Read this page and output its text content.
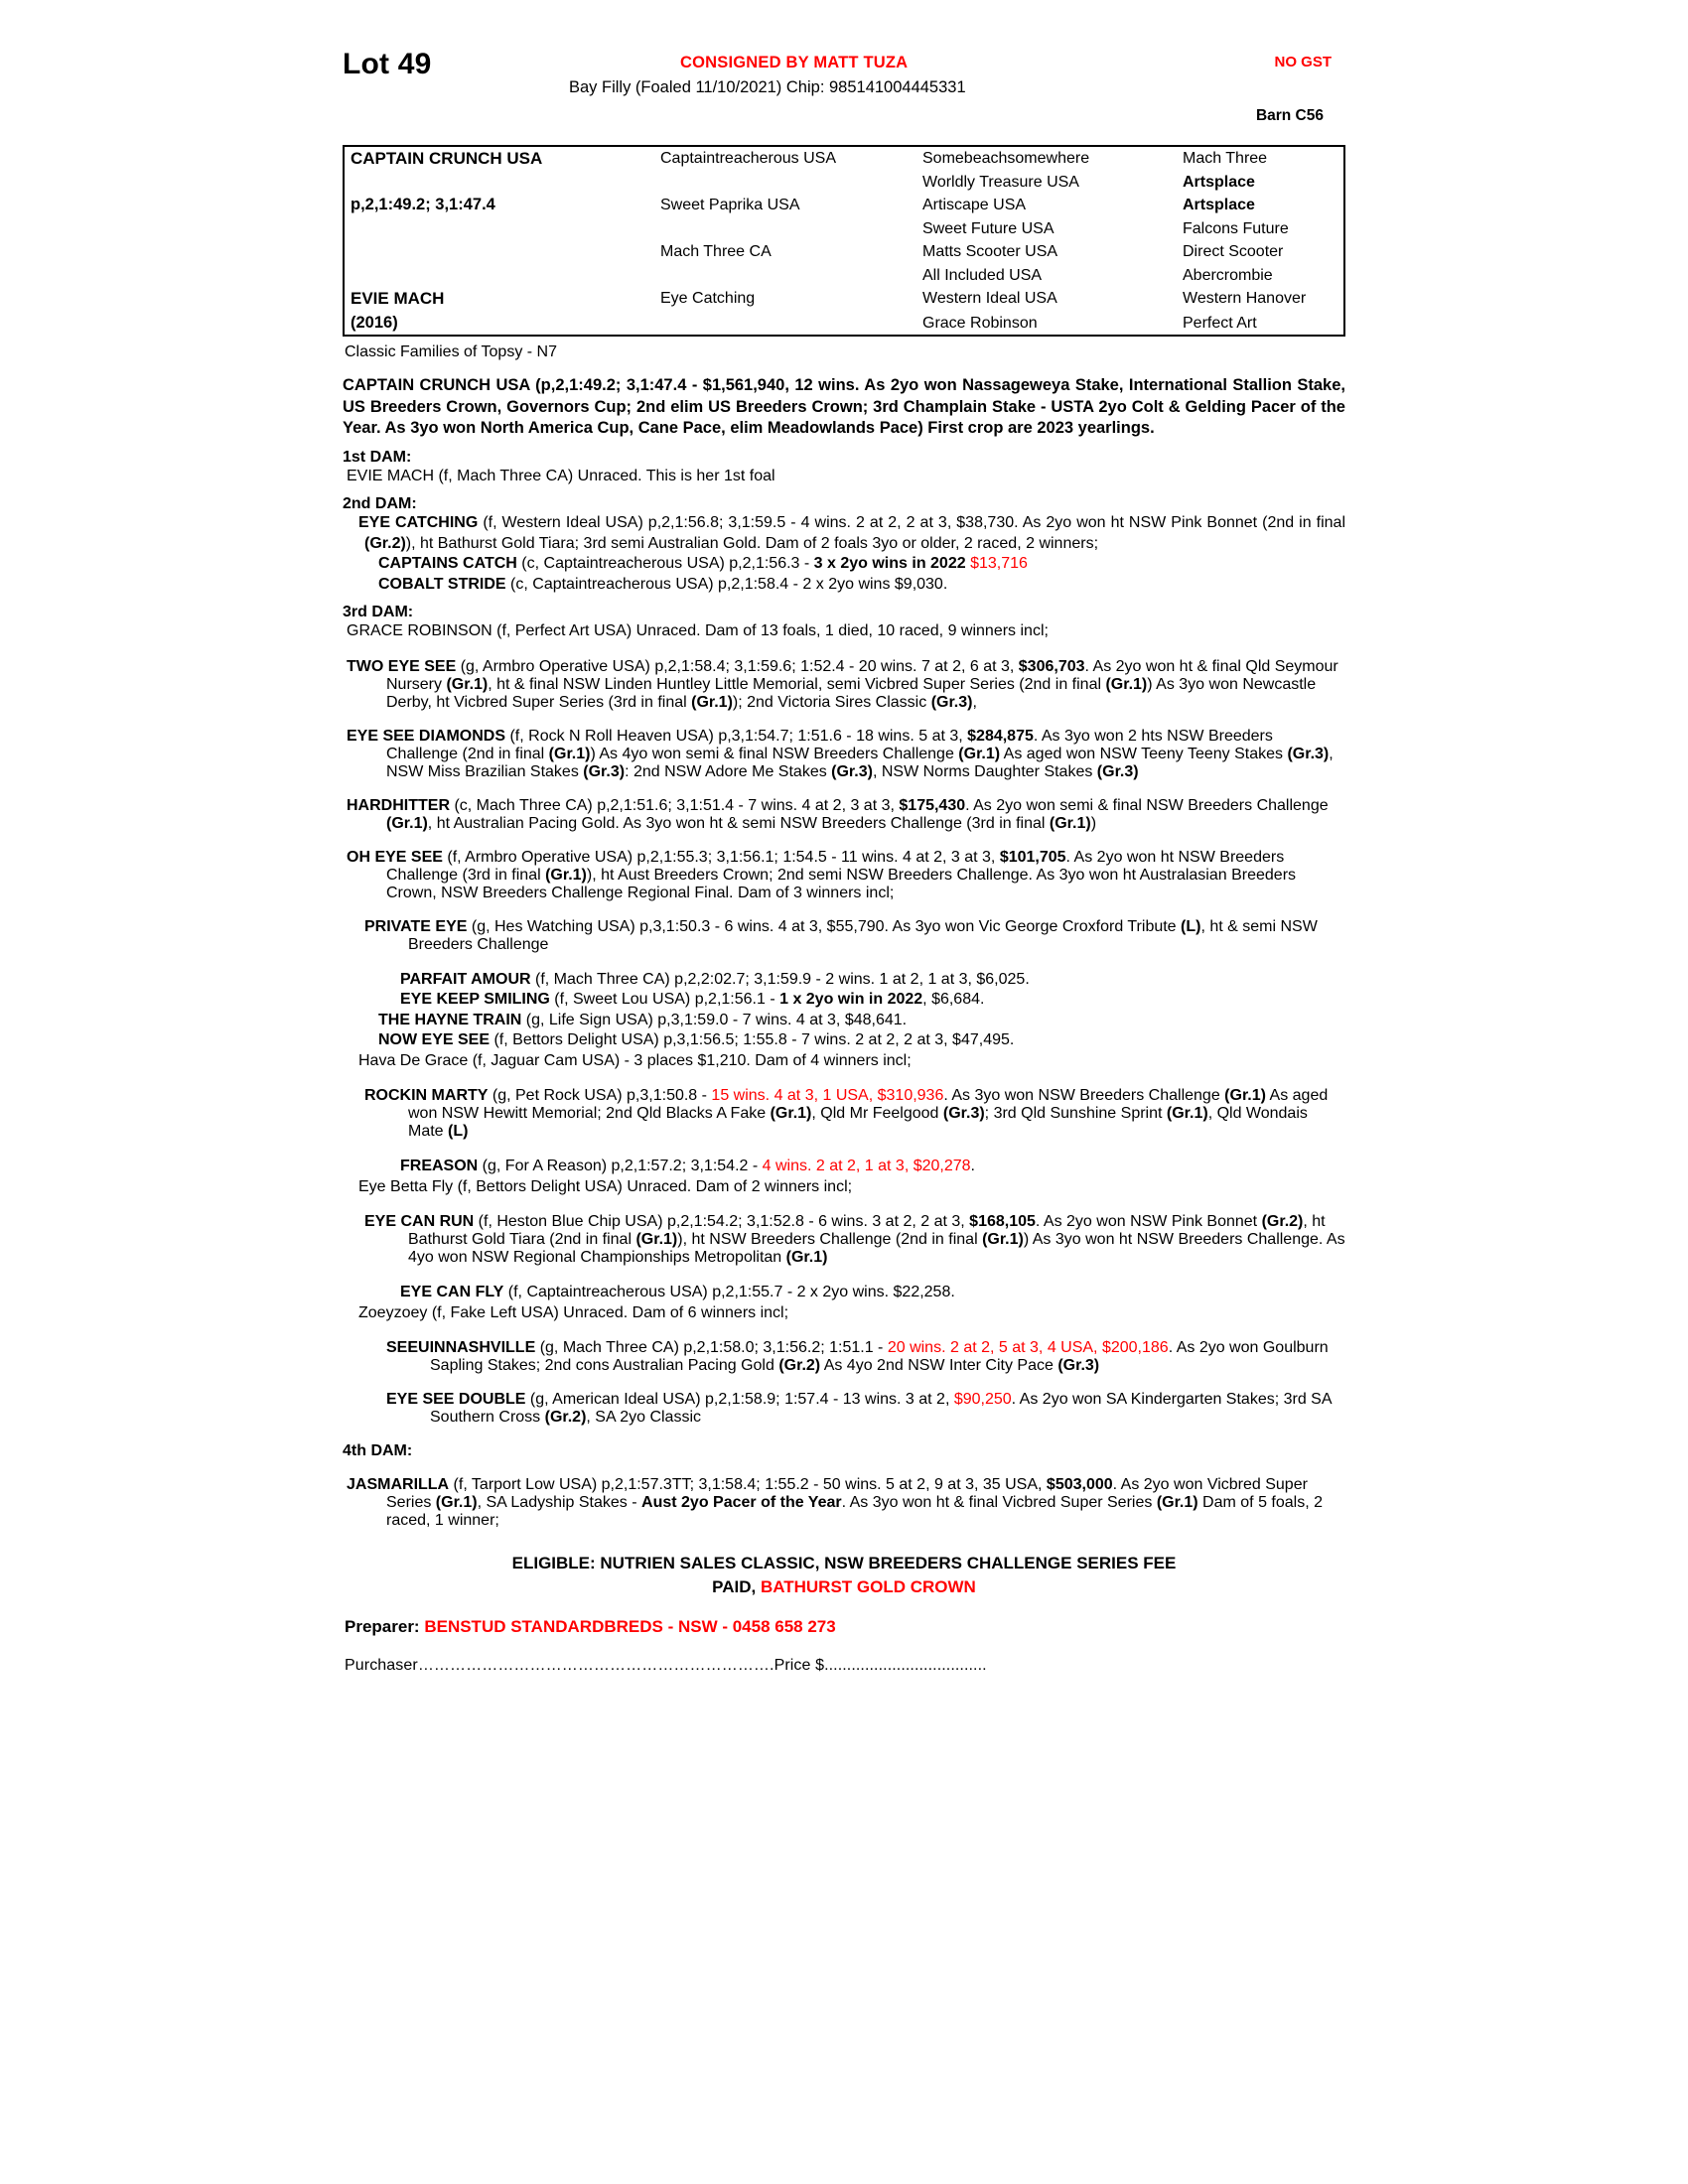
Lot 49	CONSIGNED BY MATT TUZA	NO GST
Bay Filly (Foaled 11/10/2021) Chip: 985141004445331
Barn C56
CAPTAIN CRUNCH USA	Captaintreacherous USA	Somebeachsomewhere	Mach Three
		Worldly Treasure USA	Artsplace
p,2,1:49.2; 3,1:47.4	Sweet Paprika USA	Artiscape USA	Artsplace
		Sweet Future USA	Falcons Future
	Mach Three CA	Matts Scooter USA	Direct Scooter
		All Included USA	Abercrombie
EVIE MACH	Eye Catching	Western Ideal USA	Western Hanover
(2016)		Grace Robinson	Perfect Art
Classic Families of Topsy - N7
CAPTAIN CRUNCH USA (p,2,1:49.2; 3,1:47.4 - $1,561,940, 12 wins. As 2yo won Nassageweya Stake, International Stallion Stake, US Breeders Crown, Governors Cup; 2nd elim US Breeders Crown; 3rd Champlain Stake - USTA 2yo Colt & Gelding Pacer of the Year. As 3yo won North America Cup, Cane Pace, elim Meadowlands Pace) First crop are 2023 yearlings.
1st DAM:

EVIE MACH (f, Mach Three CA) Unraced. This is her 1st foal

2nd DAM:

EYE CATCHING (f, Western Ideal USA) p,2,1:56.8; 3,1:59.5 - 4 wins. 2 at 2, 2 at 3, $38,730. As 2yo won ht NSW Pink Bonnet (2nd in final (Gr.2)), ht Bathurst Gold Tiara; 3rd semi Australian Gold. Dam of 2 foals 3yo or older, 2 raced, 2 winners;

CAPTAINS CATCH (c, Captaintreacherous USA) p,2,1:56.3 - 3 x 2yo wins in 2022 $13,716

COBALT STRIDE (c, Captaintreacherous USA) p,2,1:58.4 - 2 x 2yo wins $9,030.

3rd DAM:

GRACE ROBINSON (f, Perfect Art USA) Unraced. Dam of 13 foals, 1 died, 10 raced, 9 winners incl;

TWO EYE SEE (g, Armbro Operative USA) p,2,1:58.4; 3,1:59.6; 1:52.4 - 20 wins. 7 at 2, 6 at 3, $306,703. As 2yo won ht & final Qld Seymour Nursery (Gr.1), ht & final NSW Linden Huntley Little Memorial, semi Vicbred Super Series (2nd in final (Gr.1)) As 3yo won Newcastle Derby, ht Vicbred Super Series (3rd in final (Gr.1)); 2nd Victoria Sires Classic (Gr.3),

EYE SEE DIAMONDS (f, Rock N Roll Heaven USA) p,3,1:54.7; 1:51.6 - 18 wins. 5 at 3, $284,875. As 3yo won 2 hts NSW Breeders Challenge (2nd in final (Gr.1)) As 4yo won semi & final NSW Breeders Challenge (Gr.1) As aged won NSW Teeny Teeny Stakes (Gr.3), NSW Miss Brazilian Stakes (Gr.3): 2nd NSW Adore Me Stakes (Gr.3), NSW Norms Daughter Stakes (Gr.3)

HARDHITTER (c, Mach Three CA) p,2,1:51.6; 3,1:51.4 - 7 wins. 4 at 2, 3 at 3, $175,430. As 2yo won semi & final NSW Breeders Challenge (Gr.1), ht Australian Pacing Gold. As 3yo won ht & semi NSW Breeders Challenge (3rd in final (Gr.1))

OH EYE SEE (f, Armbro Operative USA) p,2,1:55.3; 3,1:56.1; 1:54.5 - 11 wins. 4 at 2, 3 at 3, $101,705. As 2yo won ht NSW Breeders Challenge (3rd in final (Gr.1)), ht Aust Breeders Crown; 2nd semi NSW Breeders Challenge. As 3yo won ht Australasian Breeders Crown, NSW Breeders Challenge Regional Final. Dam of 3 winners incl;

PRIVATE EYE (g, Hes Watching USA) p,3,1:50.3 - 6 wins. 4 at 3, $55,790. As 3yo won Vic George Croxford Tribute (L), ht & semi NSW Breeders Challenge

PARFAIT AMOUR (f, Mach Three CA) p,2,2:02.7; 3,1:59.9 - 2 wins. 1 at 2, 1 at 3, $6,025.

EYE KEEP SMILING (f, Sweet Lou USA) p,2,1:56.1 - 1 x 2yo win in 2022, $6,684.

THE HAYNE TRAIN (g, Life Sign USA) p,3,1:59.0 - 7 wins. 4 at 3, $48,641.

NOW EYE SEE (f, Bettors Delight USA) p,3,1:56.5; 1:55.8 - 7 wins. 2 at 2, 2 at 3, $47,495.

Hava De Grace (f, Jaguar Cam USA) - 3 places $1,210. Dam of 4 winners incl;

ROCKIN MARTY (g, Pet Rock USA) p,3,1:50.8 - 15 wins. 4 at 3, 1 USA, $310,936. As 3yo won NSW Breeders Challenge (Gr.1) As aged won NSW Hewitt Memorial; 2nd Qld Blacks A Fake (Gr.1), Qld Mr Feelgood (Gr.3); 3rd Qld Sunshine Sprint (Gr.1), Qld Wondais Mate (L)

FREASON (g, For A Reason) p,2,1:57.2; 3,1:54.2 - 4 wins. 2 at 2, 1 at 3, $20,278.

Eye Betta Fly (f, Bettors Delight USA) Unraced. Dam of 2 winners incl;

EYE CAN RUN (f, Heston Blue Chip USA) p,2,1:54.2; 3,1:52.8 - 6 wins. 3 at 2, 2 at 3, $168,105. As 2yo won NSW Pink Bonnet (Gr.2), ht Bathurst Gold Tiara (2nd in final (Gr.1)), ht NSW Breeders Challenge (2nd in final (Gr.1)) As 3yo won ht NSW Breeders Challenge. As 4yo won NSW Regional Championships Metropolitan (Gr.1)

EYE CAN FLY (f, Captaintreacherous USA) p,2,1:55.7 - 2 x 2yo wins. $22,258.

Zoeyzoey (f, Fake Left USA) Unraced. Dam of 6 winners incl;

SEEUINNASHVILLE (g, Mach Three CA) p,2,1:58.0; 3,1:56.2; 1:51.1 - 20 wins. 2 at 2, 5 at 3, 4 USA, $200,186. As 2yo won Goulburn Sapling Stakes; 2nd cons Australian Pacing Gold (Gr.2) As 4yo 2nd NSW Inter City Pace (Gr.3)

EYE SEE DOUBLE (g, American Ideal USA) p,2,1:58.9; 1:57.4 - 13 wins. 3 at 2, $90,250. As 2yo won SA Kindergarten Stakes; 3rd SA Southern Cross (Gr.2), SA 2yo Classic

4th DAM:

JASMARILLA (f, Tarport Low USA) p,2,1:57.3TT; 3,1:58.4; 1:55.2 - 50 wins. 5 at 2, 9 at 3, 35 USA, $503,000. As 2yo won Vicbred Super Series (Gr.1), SA Ladyship Stakes - Aust 2yo Pacer of the Year. As 3yo won ht & final Vicbred Super Series (Gr.1) Dam of 5 foals, 2 raced, 1 winner;

ELIGIBLE: NUTRIEN SALES CLASSIC, NSW BREEDERS CHALLENGE SERIES FEE
PAID, BATHURST GOLD CROWN
Preparer: BENSTUD STANDARDBREDS - NSW - 0458 658 273
Purchaser………………………………………………………….Price $....................................
